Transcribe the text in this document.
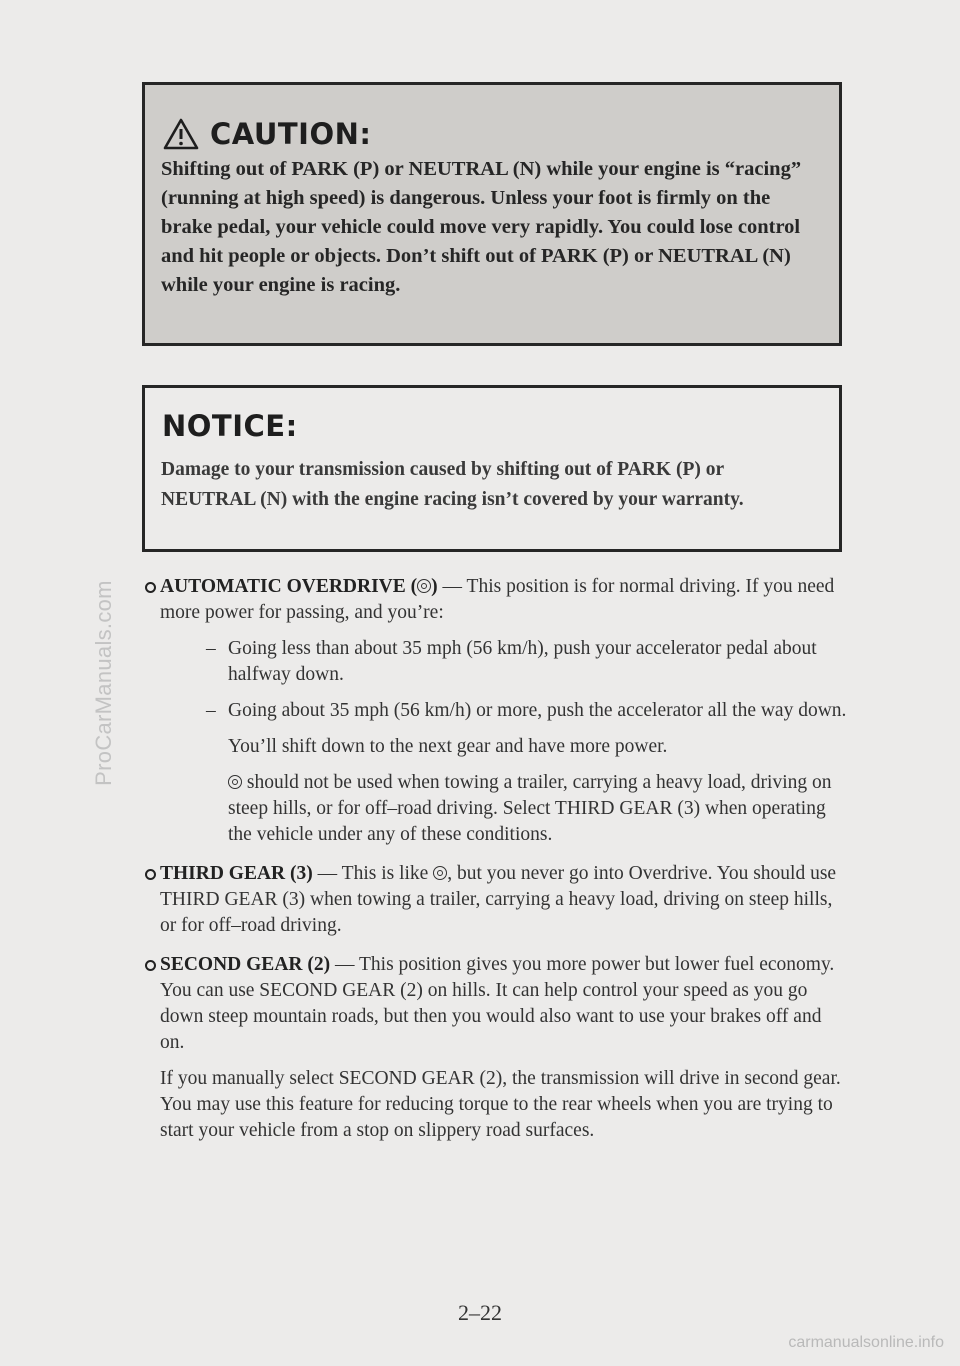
ProCarManuals.com
CAUTION:

Shifting out of PARK (P) or NEUTRAL (N) while your engine is “racing” (running at high speed) is dangerous. Unless your foot is firmly on the brake pedal, your vehicle could move very rapidly. You could lose control and hit people or objects. Don’t shift out of PARK (P) or NEUTRAL (N) while your engine is racing.

NOTICE:

Damage to your transmission caused by shifting out of PARK (P) or NEUTRAL (N) with the engine racing isn’t covered by your warranty.

AUTOMATIC OVERDRIVE ( ) — This position is for normal driving. If you need more power for passing, and you’re:
– Going less than about 35 mph (56 km/h), push your accelerator pedal about halfway down.
– Going about 35 mph (56 km/h) or more, push the accelerator all the way down.

You’ll shift down to the next gear and have more power.

should not be used when towing a trailer, carrying a heavy load, driving on steep hills, or for off–road driving. Select THIRD GEAR (3) when operating the vehicle under any of these conditions.

THIRD GEAR (3) — This is like , but you never go into Overdrive. You should use THIRD GEAR (3) when towing a trailer, carrying a heavy load, driving on steep hills, or for off–road driving.
SECOND GEAR (2) — This position gives you more power but lower fuel economy. You can use SECOND GEAR (2) on hills. It can help control your speed as you go down steep mountain roads, but then you would also want to use your brakes off and on.

If you manually select SECOND GEAR (2), the transmission will drive in second gear. You may use this feature for reducing torque to the rear wheels when you are trying to start your vehicle from a stop on slippery road surfaces.

2–22
carmanualsonline.info
